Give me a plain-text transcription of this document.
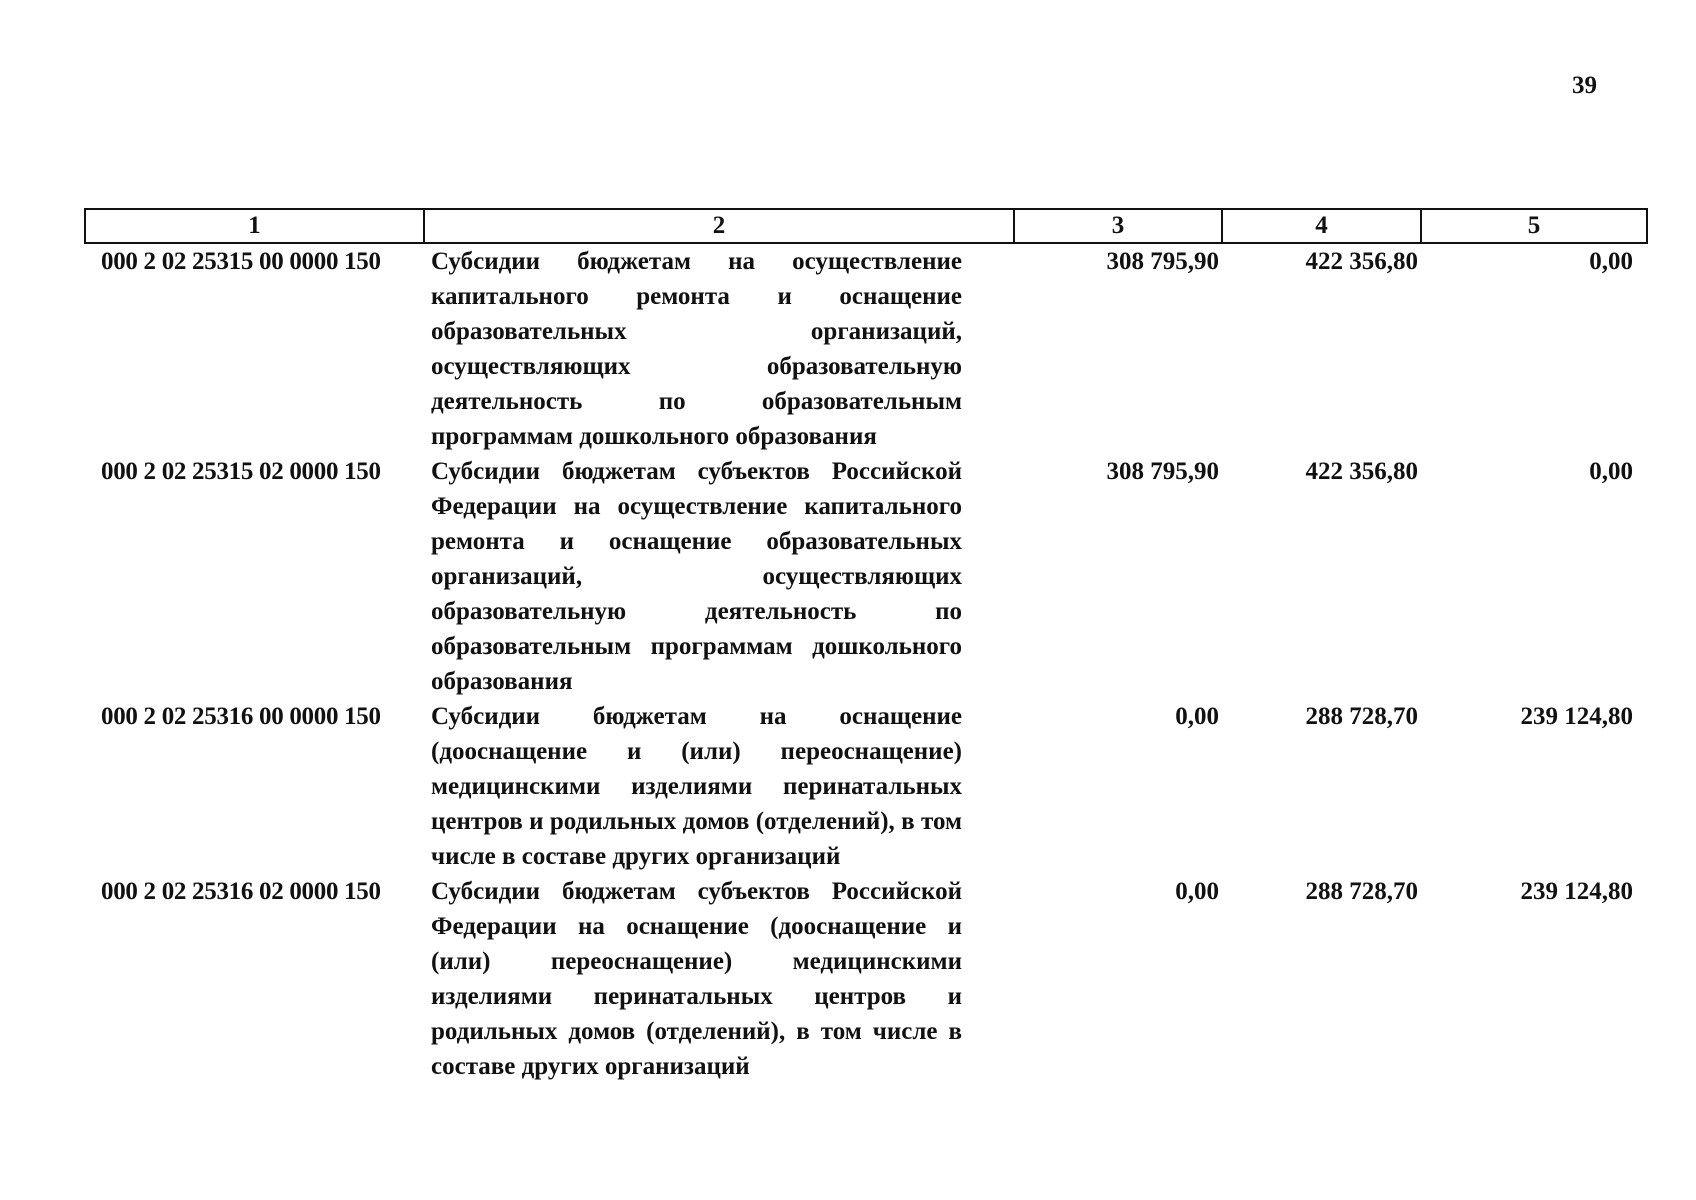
39
1	2	3	4	5
000 2 02 25315 00 0000 150	Субсидии бюджетам на осуществление капитального ремонта и оснащение образовательных организаций, осуществляющих образовательную деятельность по образовательным программам дошкольного образования	308 795,90	422 356,80	0,00
000 2 02 25315 02 0000 150	Субсидии бюджетам субъектов Российской Федерации на осуществление капитального ремонта и оснащение образовательных организаций, осуществляющих образовательную деятельность по образовательным программам дошкольного образования	308 795,90	422 356,80	0,00
000 2 02 25316 00 0000 150	Субсидии бюджетам на оснащение (дооснащение и (или) переоснащение) медицинскими изделиями перинатальных центров и родильных домов (отделений), в том числе в составе других организаций	0,00	288 728,70	239 124,80
000 2 02 25316 02 0000 150	Субсидии бюджетам субъектов Российской Федерации на оснащение (дооснащение и (или) переоснащение) медицинскими изделиями перинатальных центров и родильных домов (отделений), в том числе в составе других организаций	0,00	288 728,70	239 124,80
